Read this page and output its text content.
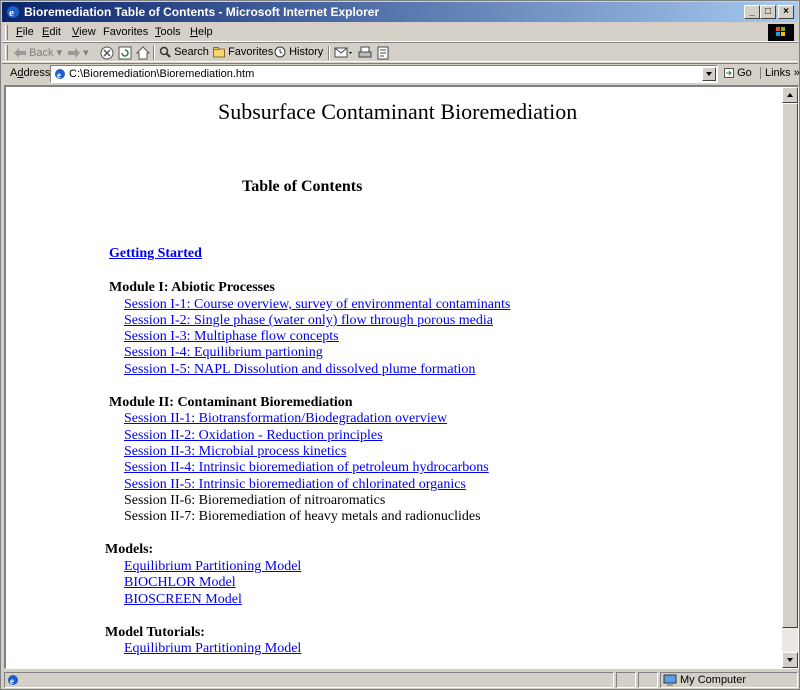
e Bioremediation Table of Contents - Microsoft Internet Explorer	_	□	×
File Edit View Favorites Tools Help
Back ▾	▾	Search	Favorites	History
Address e C:\Bioremediation\Bioremediation.htm	Go	Links »
Subsurface Contaminant Bioremediation
Table of Contents
Getting Started
Module I: Abiotic Processes
Session I-1: Course overview, survey of environmental contaminants
Session I-2: Single phase (water only) flow through porous media
Session I-3: Multiphase flow concepts
Session I-4: Equilibrium partioning
Session I-5: NAPL Dissolution and dissolved plume formation
Module II: Contaminant Bioremediation
Session II-1: Biotransformation/Biodegradation overview
Session II-2: Oxidation - Reduction principles
Session II-3: Microbial process kinetics
Session II-4: Intrinsic bioremediation of petroleum hydrocarbons
Session II-5: Intrinsic bioremediation of chlorinated organics
Session II-6: Bioremediation of nitroaromatics
Session II-7: Bioremediation of heavy metals and radionuclides
Models:
Equilibrium Partitioning Model
BIOCHLOR Model
BIOSCREEN Model
Model Tutorials:
Equilibrium Partitioning Model
e	My Computer
